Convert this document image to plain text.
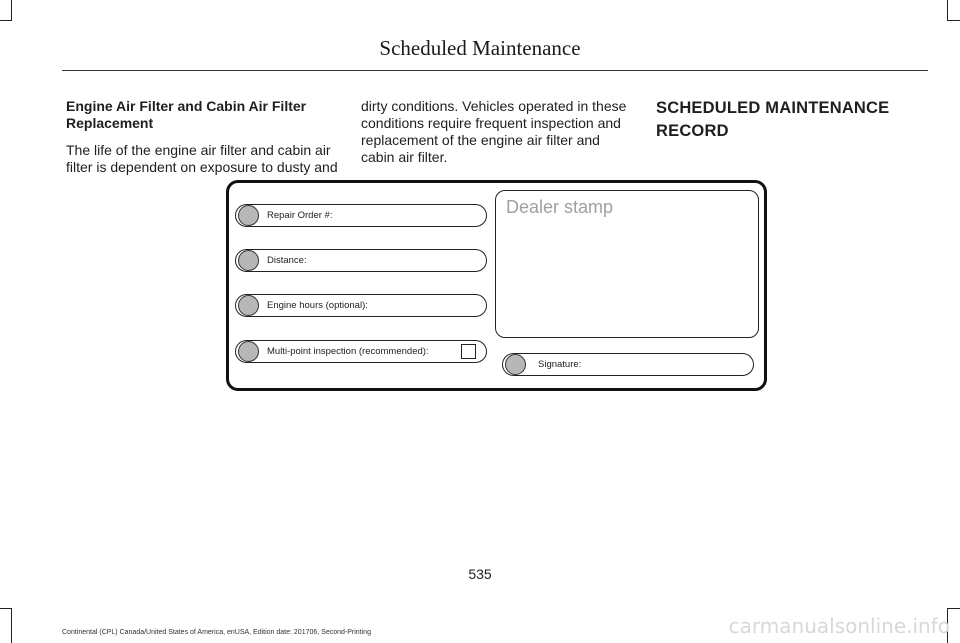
Scheduled Maintenance

Engine Air Filter and Cabin Air Filter Replacement

The life of the engine air filter and cabin air filter is dependent on exposure to dusty and

dirty conditions. Vehicles operated in these conditions require frequent inspection and replacement of the engine air filter and cabin air filter.

SCHEDULED MAINTENANCE
RECORD
Repair Order #:
Distance:
Engine hours (optional):
Multi-point inspection (recommended):
Dealer stamp
Signature:
535
Continental (CPL) Canada/United States of America, enUSA, Edition date: 201706, Second-Printing	carmanualsonline.info
